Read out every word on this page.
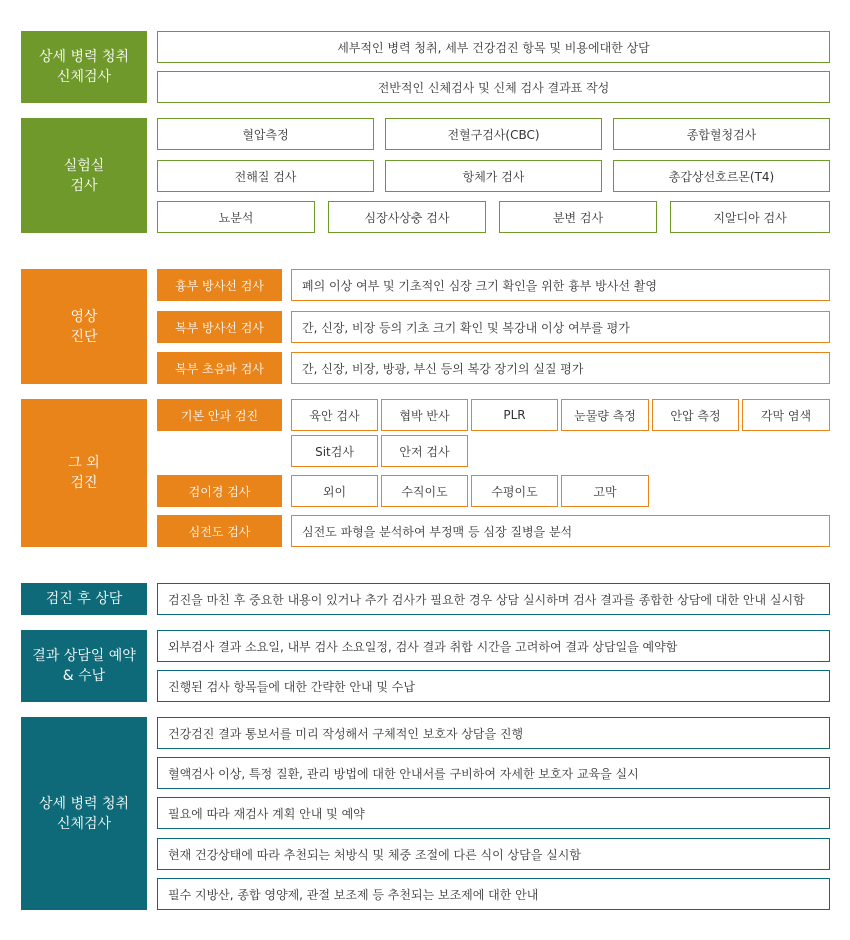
상세 병력 청취
신체검사
세부적인 병력 청취, 세부 건강검진 항목 및 비용에대한 상담
전반적인 신체검사 및 신체 검사 결과표 작성
실험실
검사
혈압측정	전혈구검사(CBC)	종합혈청검사
전해질 검사	항체가 검사	총갑상선호르몬(T4)
뇨분석	심장사상충 검사	분변 검사	지알디아 검사
영상
진단
흉부 방사선 검사	폐의 이상 여부 및 기초적인 심장 크기 확인을 위한 흉부 방사선 촬영
복부 방사선 검사	간, 신장, 비장 등의 기초 크기 확인 및 복강내 이상 여부를 평가
복부 초음파 검사	간, 신장, 비장, 방광, 부신 등의 복강 장기의 실질 평가
그 외
검진
기본 안과 검진	육안 검사	협박 반사	PLR	눈물량 측정	안압 측정	각막 염색
Sit검사	안저 검사
검이경 검사	외이	수직이도	수평이도	고막
심전도 검사	심전도 파형을 분석하여 부정맥 등 심장 질병을 분석
검진 후 상담	검진을 마친 후 중요한 내용이 있거나 추가 검사가 필요한 경우 상담 실시하며 검사 결과를 종합한 상담에 대한 안내 실시함
결과 상담일 예약
& 수납
외부검사 결과 소요일, 내부 검사 소요일정, 검사 결과 취합 시간을 고려하여 결과 상담일을 예약함
진행된 검사 항목들에 대한 간략한 안내 및 수납
상세 병력 청취
신체검사
건강검진 결과 통보서를 미리 작성해서 구체적인 보호자 상담을 진행
혈액검사 이상, 특정 질환, 관리 방법에 대한 안내서를 구비하여 자세한 보호자 교육을 실시
필요에 따라 재검사 계획 안내 및 예약
현재 건강상태에 따라 추천되는 처방식 및 체중 조절에 다른 식이 상담을 실시함
필수 지방산, 종합 영양제, 관절 보조제 등 추천되는 보조제에 대한 안내
